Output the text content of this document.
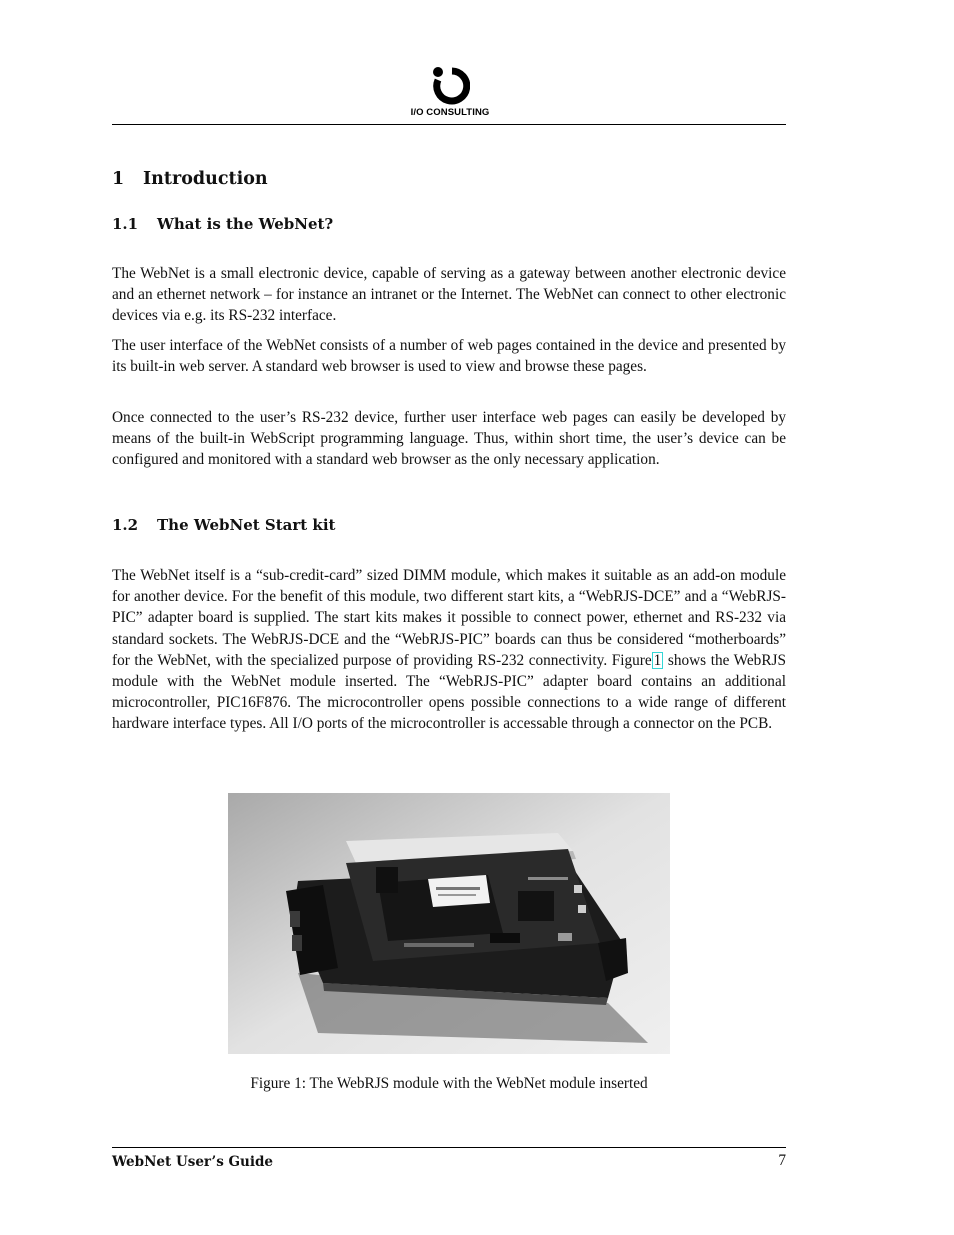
I/O CONSULTING
1 Introduction
1.1 What is the WebNet?

The WebNet is a small electronic device, capable of serving as a gateway between another electronic device and an ethernet network – for instance an intranet or the Internet. The WebNet can connect to other electronic devices via e.g. its RS-232 interface.

The user interface of the WebNet consists of a number of web pages contained in the device and presented by its built-in web server. A standard web browser is used to view and browse these pages.

Once connected to the user’s RS-232 device, further user interface web pages can easily be developed by means of the built-in WebScript programming language. Thus, within short time, the user’s device can be configured and monitored with a standard web browser as the only necessary application.

1.2 The WebNet Start kit

The WebNet itself is a “sub-credit-card” sized DIMM module, which makes it suitable as an add-on module for another device. For the benefit of this module, two different start kits, a “WebRJS-DCE” and a “WebRJS-PIC” adapter board is supplied. The start kits makes it possible to connect power, ethernet and RS-232 via standard sockets. The WebRJS-DCE and the “WebRJS-PIC” boards can thus be considered “motherboards” for the WebNet, with the specialized purpose of providing RS-232 connectivity. Figure 1 shows the WebRJS module with the WebNet module inserted. The “WebRJS-PIC” adapter board contains an additional microcontroller, PIC16F876. The microcontroller opens possible connections to a wide range of different hardware interface types. All I/O ports of the microcontroller is accessable through a connector on the PCB.

Figure 1: The WebRJS module with the WebNet module inserted
WebNet User’s Guide	7
